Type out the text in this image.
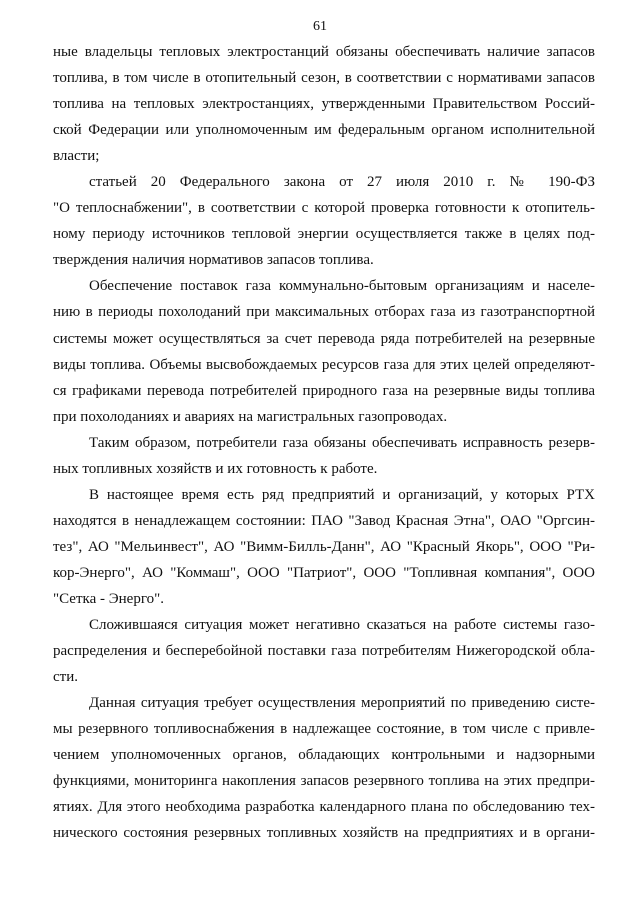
61
ные владельцы тепловых электростанций обязаны обеспечивать наличие запасов
топлива, в том числе в отопительный сезон, в соответствии с нормативами запасов
топлива на тепловых электростанциях, утвержденными Правительством Россий-
ской Федерации или уполномоченным им федеральным органом исполнительной
власти;
статьей 20 Федерального закона от 27 июля 2010 г. № 190-ФЗ
"О теплоснабжении", в соответствии с которой проверка готовности к отопитель-
ному периоду источников тепловой энергии осуществляется также в целях под-
тверждения наличия нормативов запасов топлива.
Обеспечение поставок газа коммунально-бытовым организациям и населе-
нию в периоды похолоданий при максимальных отборах газа из газотранспортной
системы может осуществляться за счет перевода ряда потребителей на резервные
виды топлива. Объемы высвобождаемых ресурсов газа для этих целей определяют-
ся графиками перевода потребителей природного газа на резервные виды топлива
при похолоданиях и авариях на магистральных газопроводах.
Таким образом, потребители газа обязаны обеспечивать исправность резерв-
ных топливных хозяйств и их готовность к работе.
В настоящее время есть ряд предприятий и организаций, у которых РТХ
находятся в ненадлежащем состоянии: ПАО "Завод Красная Этна", ОАО "Оргсин-
тез", АО "Мельинвест", АО "Вимм-Билль-Данн", АО "Красный Якорь", ООО "Ри-
кор-Энерго", АО "Коммаш", ООО "Патриот", ООО "Топливная компания", ООО
"Сетка - Энерго".
Сложившаяся ситуация может негативно сказаться на работе системы газо-
распределения и бесперебойной поставки газа потребителям Нижегородской обла-
сти.
Данная ситуация требует осуществления мероприятий по приведению систе-
мы резервного топливоснабжения в надлежащее состояние, в том числе с привле-
чением уполномоченных органов, обладающих контрольными и надзорными
функциями, мониторинга накопления запасов резервного топлива на этих предпри-
ятиях. Для этого необходима разработка календарного плана по обследованию тех-
нического состояния резервных топливных хозяйств на предприятиях и в органи-
